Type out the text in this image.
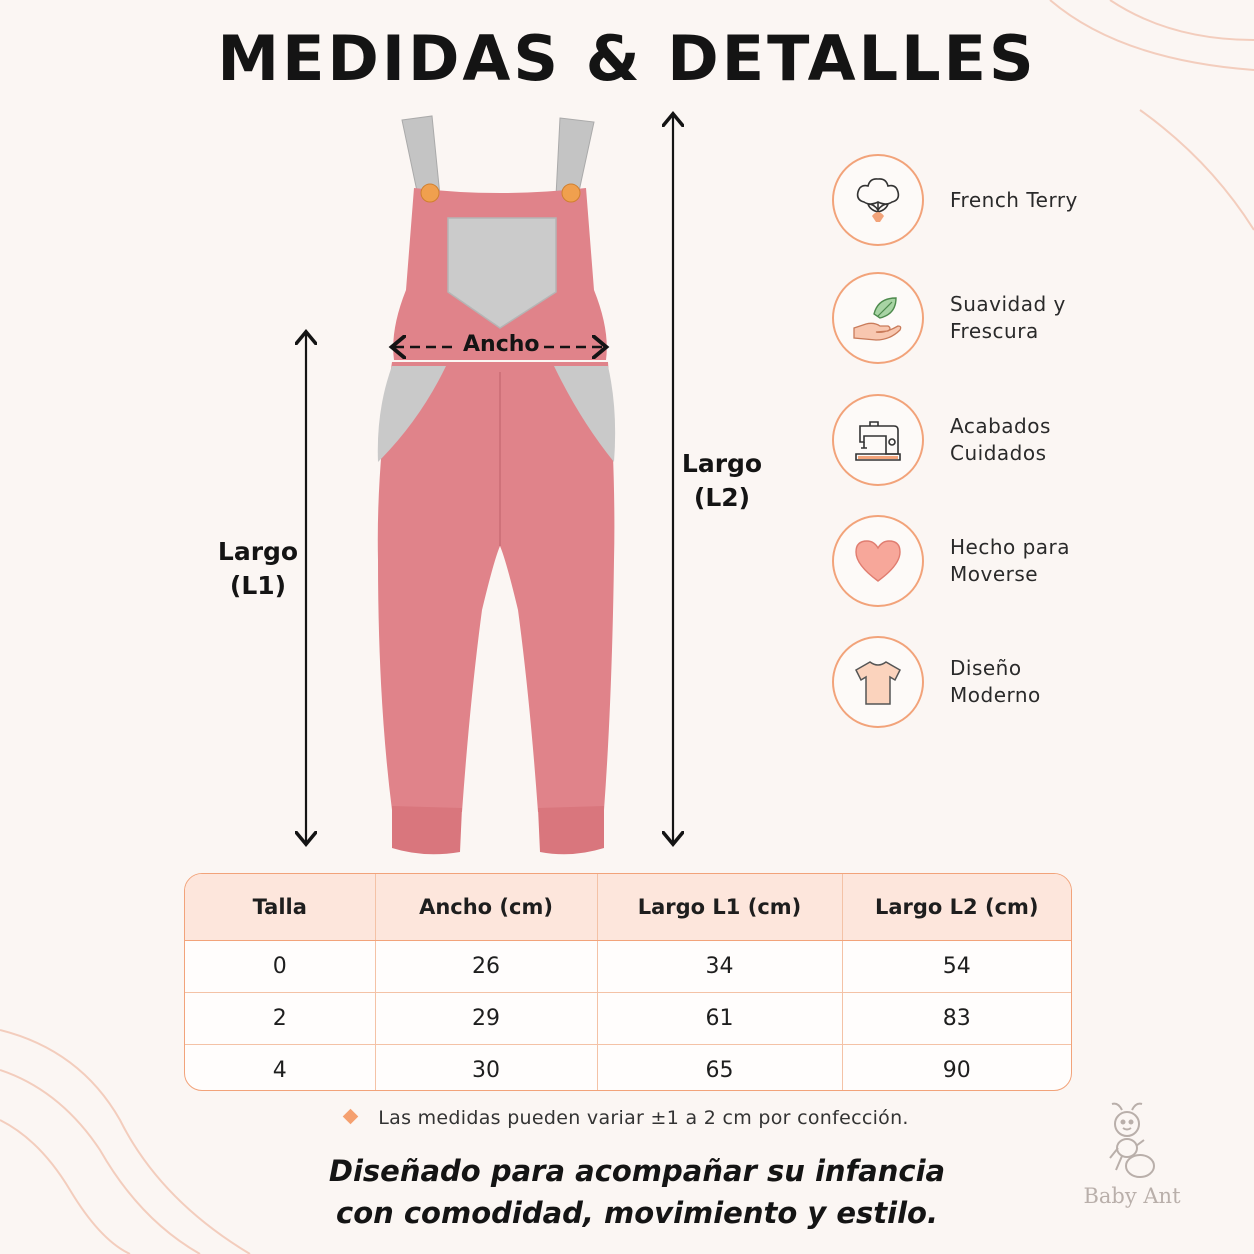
MEDIDAS & DETALLES
Ancho
Largo
(L1)
Largo
(L2)
French Terry
Suavidad y
Frescura
Acabados
Cuidados
Hecho para
Moverse
Diseño
Moderno
Talla	Ancho (cm)	Largo L1 (cm)	Largo L2 (cm)
0	26	34	54
2	29	61	83
4	30	65	90
Las medidas pueden variar ±1 a 2 cm por confección.
Diseñado para acompañar su infancia
con comodidad, movimiento y estilo.	Baby Ant
